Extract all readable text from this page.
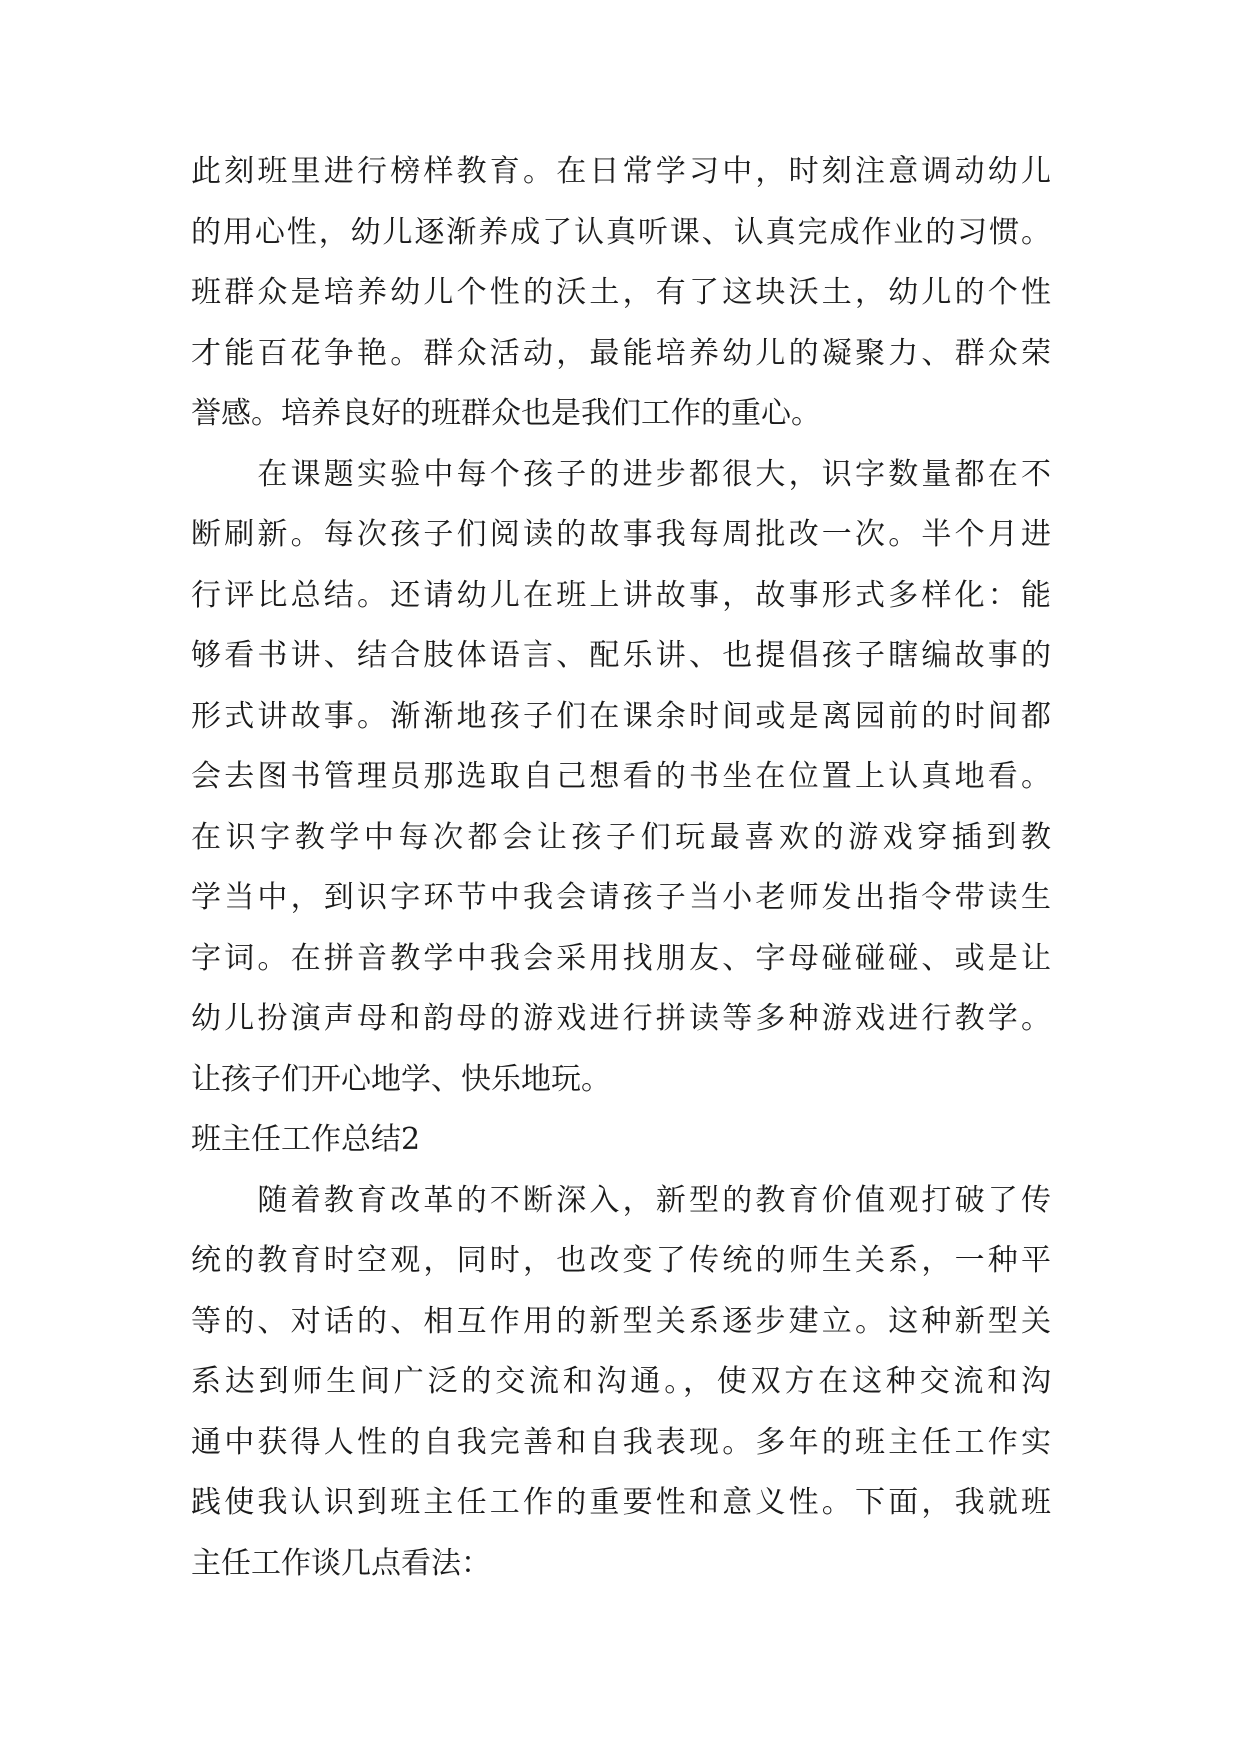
此刻班里进行榜样教育。在日常学习中，时刻注意调动幼儿
的用心性，幼儿逐渐养成了认真听课、认真完成作业的习惯。
班群众是培养幼儿个性的沃土，有了这块沃土，幼儿的个性
才能百花争艳。群众活动，最能培养幼儿的凝聚力、群众荣
誉感。培养良好的班群众也是我们工作的重心。
　　在课题实验中每个孩子的进步都很大，识字数量都在不
断刷新。每次孩子们阅读的故事我每周批改一次。半个月进
行评比总结。还请幼儿在班上讲故事，故事形式多样化：能
够看书讲、结合肢体语言、配乐讲、也提倡孩子瞎编故事的
形式讲故事。渐渐地孩子们在课余时间或是离园前的时间都
会去图书管理员那选取自己想看的书坐在位置上认真地看。
在识字教学中每次都会让孩子们玩最喜欢的游戏穿插到教
学当中，到识字环节中我会请孩子当小老师发出指令带读生
字词。在拼音教学中我会采用找朋友、字母碰碰碰、或是让
幼儿扮演声母和韵母的游戏进行拼读等多种游戏进行教学。
让孩子们开心地学、快乐地玩。
班主任工作总结2
　　随着教育改革的不断深入，新型的教育价值观打破了传
统的教育时空观，同时，也改变了传统的师生关系，一种平
等的、对话的、相互作用的新型关系逐步建立。这种新型关
系达到师生间广泛的交流和沟通。，使双方在这种交流和沟
通中获得人性的自我完善和自我表现。多年的班主任工作实
践使我认识到班主任工作的重要性和意义性。下面，我就班
主任工作谈几点看法：
